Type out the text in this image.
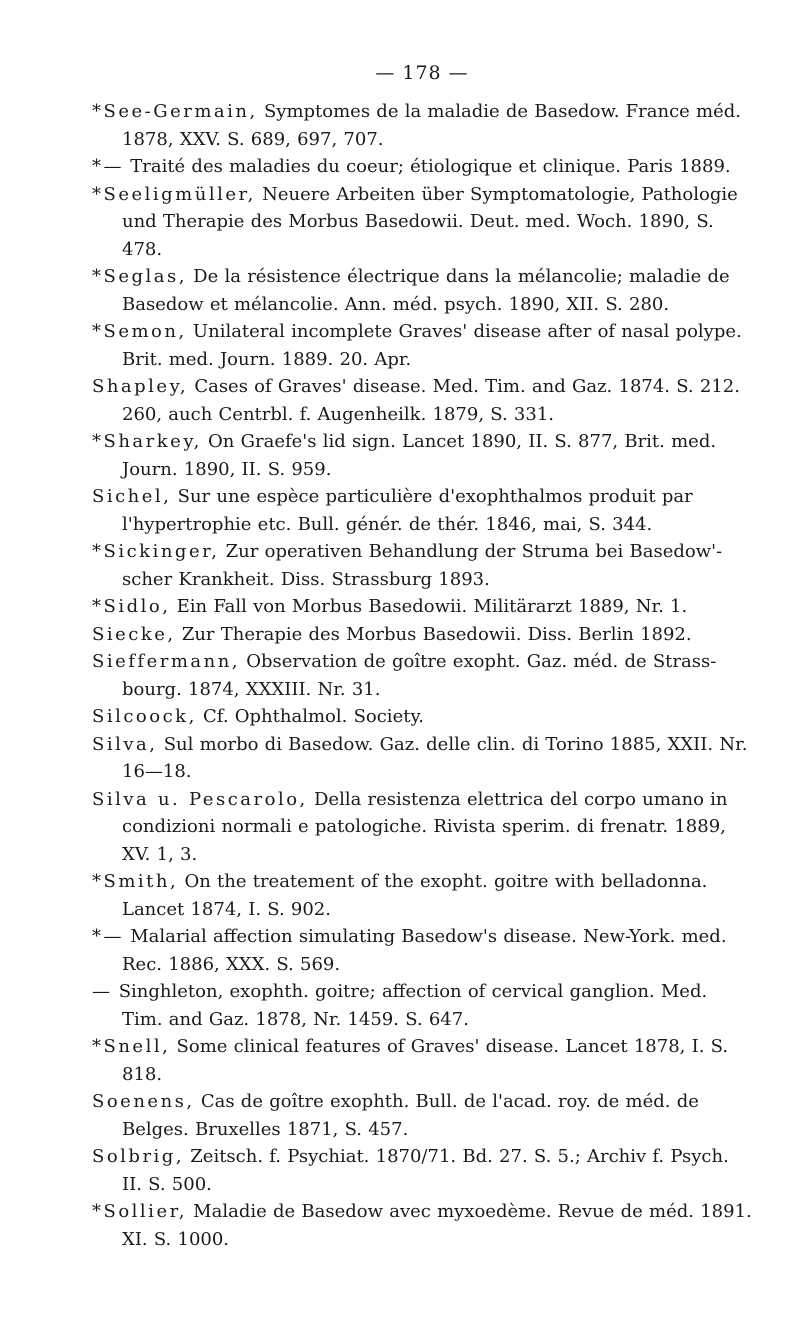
— 178 —
*See-Germain, Symptomes de la maladie de Basedow. France méd. 1878, XXV. S. 689, 697, 707.
*— Traité des maladies du coeur; étiologique et clinique. Paris 1889.
*Seeligmüller, Neuere Arbeiten über Symptomatologie, Pathologie und Therapie des Morbus Basedowii. Deut. med. Woch. 1890, S. 478.
*Seglas, De la résistence électrique dans la mélancolie; maladie de Basedow et mélancolie. Ann. méd. psych. 1890, XII. S. 280.
*Semon, Unilateral incomplete Graves' disease after of nasal polype. Brit. med. Journ. 1889. 20. Apr.
Shapley, Cases of Graves' disease. Med. Tim. and Gaz. 1874. S. 212. 260, auch Centrbl. f. Augenheilk. 1879, S. 331.
*Sharkey, On Graefe's lid sign. Lancet 1890, II. S. 877, Brit. med. Journ. 1890, II. S. 959.
Sichel, Sur une espèce particulière d'exophthalmos produit par l'hypertrophie etc. Bull. génér. de thér. 1846, mai, S. 344.
*Sickinger, Zur operativen Behandlung der Struma bei Basedow'-scher Krankheit. Diss. Strassburg 1893.
*Sidlo, Ein Fall von Morbus Basedowii. Militärarzt 1889, Nr. 1.
Siecke, Zur Therapie des Morbus Basedowii. Diss. Berlin 1892.
Sieffermann, Observation de goître exopht. Gaz. méd. de Strass-bourg. 1874, XXXIII. Nr. 31.
Silcoock, Cf. Ophthalmol. Society.
Silva, Sul morbo di Basedow. Gaz. delle clin. di Torino 1885, XXII. Nr. 16—18.
Silva u. Pescarolo, Della resistenza elettrica del corpo umano in condizioni normali e patologiche. Rivista sperim. di frenatr. 1889, XV. 1, 3.
*Smith, On the treatement of the exopht. goitre with belladonna. Lancet 1874, I. S. 902.
*— Malarial affection simulating Basedow's disease. New-York. med. Rec. 1886, XXX. S. 569.
— Singhleton, exophth. goitre; affection of cervical ganglion. Med. Tim. and Gaz. 1878, Nr. 1459. S. 647.
*Snell, Some clinical features of Graves' disease. Lancet 1878, I. S. 818.
Soenens, Cas de goître exophth. Bull. de l'acad. roy. de méd. de Belges. Bruxelles 1871, S. 457.
Solbrig, Zeitsch. f. Psychiat. 1870/71. Bd. 27. S. 5.; Archiv f. Psych. II. S. 500.
*Sollier, Maladie de Basedow avec myxoedème. Revue de méd. 1891. XI. S. 1000.
